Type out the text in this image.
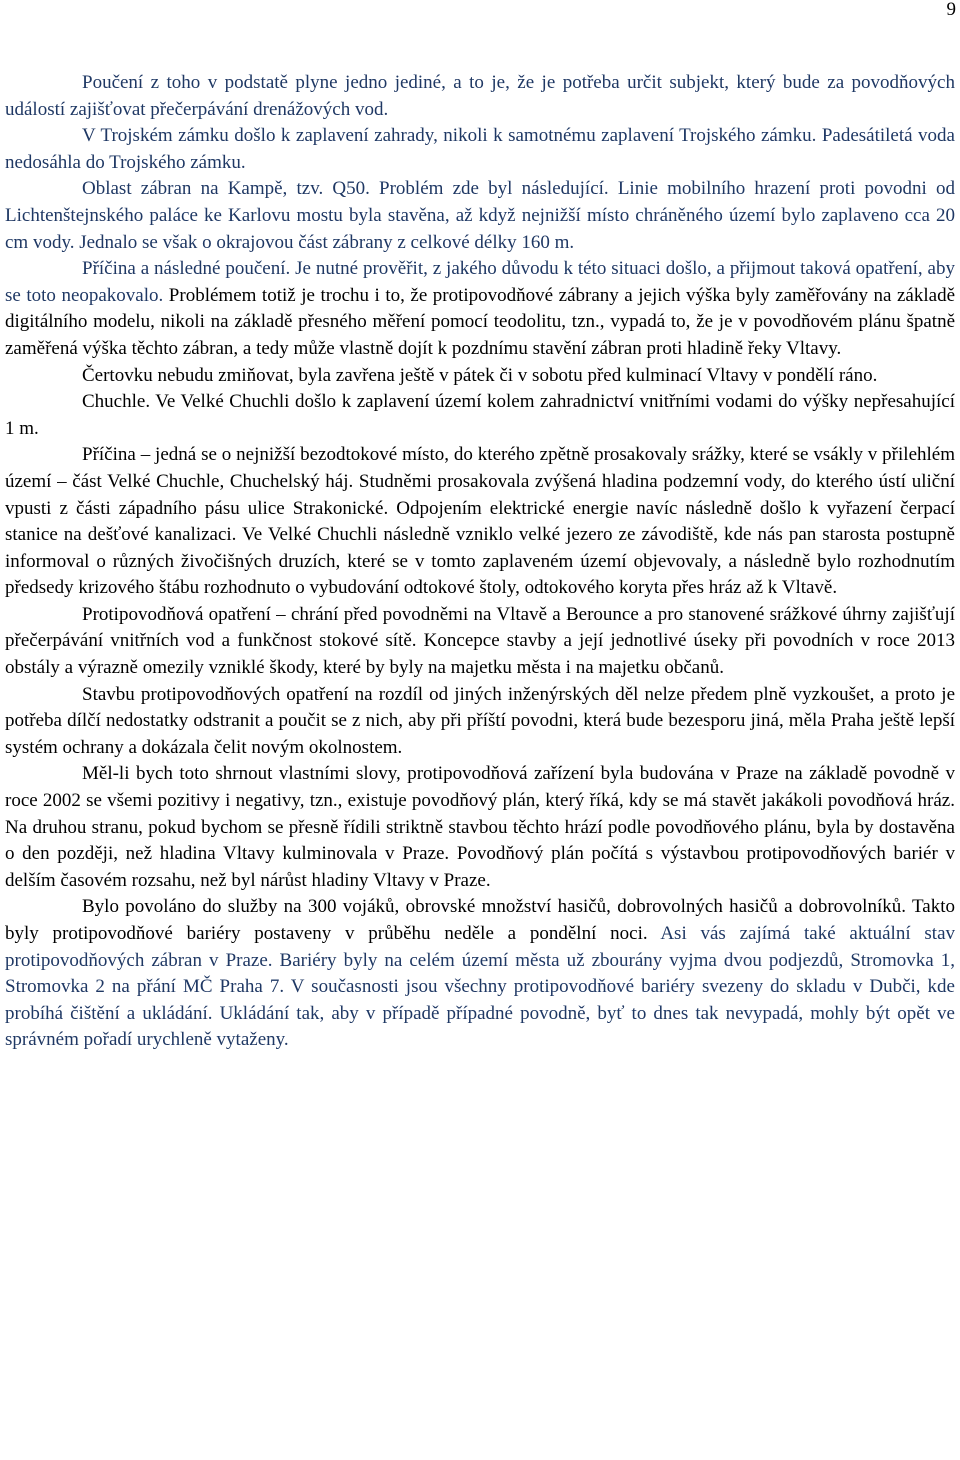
9

Poučení z toho v podstatě plyne jedno jediné, a to je, že je potřeba určit subjekt, který bude za povodňových událostí zajišťovat přečerpávání drenážových vod.

V Trojském zámku došlo k zaplavení zahrady, nikoli k samotnému zaplavení Trojského zámku. Padesátiletá voda nedosáhla do Trojského zámku.

Oblast zábran na Kampě, tzv. Q50. Problém zde byl následující. Linie mobilního hrazení proti povodni od Lichtenštejnského paláce ke Karlovu mostu byla stavěna, až když nejnižší místo chráněného území bylo zaplaveno cca 20 cm vody. Jednalo se však o okrajovou část zábrany z celkové délky 160 m.

Příčina a následné poučení. Je nutné prověřit, z jakého důvodu k této situaci došlo, a přijmout taková opatření, aby se toto neopakovalo. Problémem totiž je trochu i to, že protipovodňové zábrany a jejich výška byly zaměřovány na základě digitálního modelu, nikoli na základě přesného měření pomocí teodolitu, tzn., vypadá to, že je v povodňovém plánu špatně zaměřená výška těchto zábran, a tedy může vlastně dojít k pozdnímu stavění zábran proti hladině řeky Vltavy.

Čertovku nebudu zmiňovat, byla zavřena ještě v pátek či v sobotu před kulminací Vltavy v pondělí ráno.

Chuchle. Ve Velké Chuchli došlo k zaplavení území kolem zahradnictví vnitřními vodami do výšky nepřesahující 1 m.

Příčina – jedná se o nejnižší bezodtokové místo, do kterého zpětně prosakovaly srážky, které se vsákly v přilehlém území – část Velké Chuchle, Chuchelský háj. Studněmi prosakovala zvýšená hladina podzemní vody, do kterého ústí uliční vpusti z části západního pásu ulice Strakonické. Odpojením elektrické energie navíc následně došlo k vyřazení čerpací stanice na dešťové kanalizaci. Ve Velké Chuchli následně vzniklo velké jezero ze závodiště, kde nás pan starosta postupně informoval o různých živočišných druzích, které se v tomto zaplaveném území objevovaly, a následně bylo rozhodnutím předsedy krizového štábu rozhodnuto o vybudování odtokové štoly, odtokového koryta přes hráz až k Vltavě.

Protipovodňová opatření – chrání před povodněmi na Vltavě a Berounce a pro stanovené srážkové úhrny zajišťují přečerpávání vnitřních vod a funkčnost stokové sítě. Koncepce stavby a její jednotlivé úseky při povodních v roce 2013 obstály a výrazně omezily vzniklé škody, které by byly na majetku města i na majetku občanů.

Stavbu protipovodňových opatření na rozdíl od jiných inženýrských děl nelze předem plně vyzkoušet, a proto je potřeba dílčí nedostatky odstranit a poučit se z nich, aby při příští povodni, která bude bezesporu jiná, měla Praha ještě lepší systém ochrany a dokázala čelit novým okolnostem.

Měl-li bych toto shrnout vlastními slovy, protipovodňová zařízení byla budována v Praze na základě povodně v roce 2002 se všemi pozitivy i negativy, tzn., existuje povodňový plán, který říká, kdy se má stavět jakákoli povodňová hráz. Na druhou stranu, pokud bychom se přesně řídili striktně stavbou těchto hrází podle povodňového plánu, byla by dostavěna o den později, než hladina Vltavy kulminovala v Praze. Povodňový plán počítá s výstavbou protipovodňových bariér v delším časovém rozsahu, než byl nárůst hladiny Vltavy v Praze.

Bylo povoláno do služby na 300 vojáků, obrovské množství hasičů, dobrovolných hasičů a dobrovolníků. Takto byly protipovodňové bariéry postaveny v průběhu neděle a pondělní noci. Asi vás zajímá také aktuální stav protipovodňových zábran v Praze. Bariéry byly na celém území města už zbourány vyjma dvou podjezdů, Stromovka 1, Stromovka 2 na přání MČ Praha 7. V současnosti jsou všechny protipovodňové bariéry svezeny do skladu v Dubči, kde probíhá čištění a ukládání. Ukládání tak, aby v případě případné povodně, byť to dnes tak nevypadá, mohly být opět ve správném pořadí urychleně vytaženy.
